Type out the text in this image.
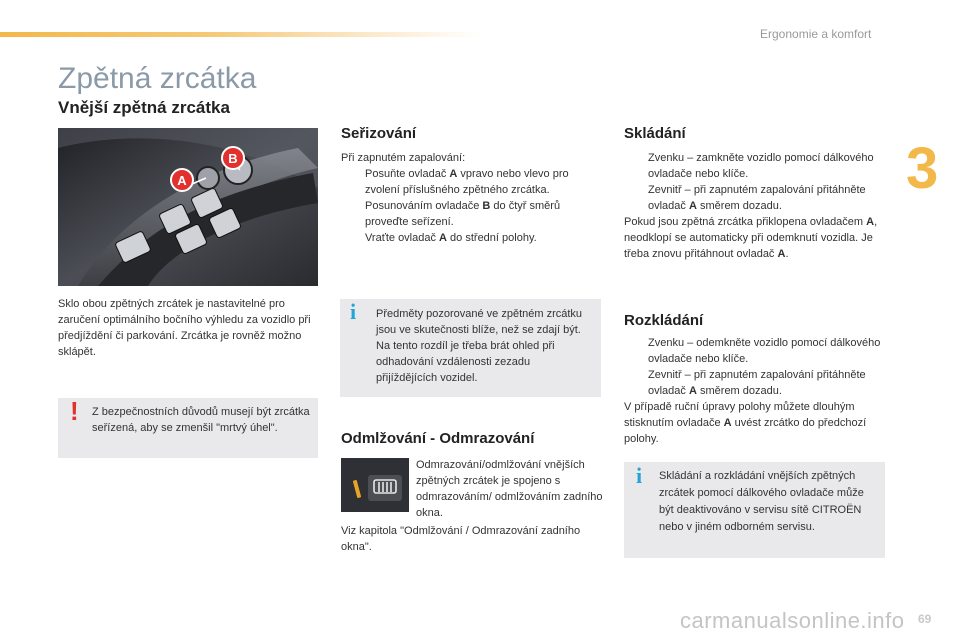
Ergonomie a komfort
3
Zpětná zrcátka
Vnější zpětná zrcátka
A
B

Sklo obou zpětných zrcátek je nastavitelné pro zaručení optimálního bočního výhledu za vozidlo při předjíždění či parkování. Zrcátka je rovněž možno sklápět.

! Z bezpečnostních důvodů musejí být zrcátka seřízená, aby se zmenšil "mrtvý úhel".
Seřizování

Při zapnutém zapalování:

Posuňte ovladač A vpravo nebo vlevo pro zvolení příslušného zpětného zrcátka.
Posunováním ovladače B do čtyř směrů proveďte seřízení.
Vraťte ovladač A do střední polohy.
i Předměty pozorované ve zpětném zrcátku jsou ve skutečnosti blíže, než se zdají být.
Na tento rozdíl je třeba brát ohled při odhadování vzdálenosti zezadu přijíždějících vozidel.
Odmlžování - Odmrazování
Odmrazování/odmlžování vnějších zpětných zrcátek je spojeno s odmrazováním/ odmlžováním zadního okna.
Viz kapitola "Odmlžování / Odmrazování zadního okna".
Skládání
Zvenku – zamkněte vozidlo pomocí dálkového ovladače nebo klíče.
Zevnitř – při zapnutém zapalování přitáhněte ovladač A směrem dozadu.

Pokud jsou zpětná zrcátka přiklopena ovladačem A, neodklopí se automaticky při odemknutí vozidla. Je třeba znovu přitáhnout ovladač A.

Rozkládání
Zvenku – odemkněte vozidlo pomocí dálkového ovladače nebo klíče.
Zevnitř – při zapnutém zapalování přitáhněte ovladač A směrem dozadu.

V případě ruční úpravy polohy můžete dlouhým stisknutím ovladače A uvést zrcátko do předchozí polohy.

i Skládání a rozkládání vnějších zpětných zrcátek pomocí dálkového ovladače může být deaktivováno v servisu sítě CITROËN nebo v jiném odborném servisu.
carmanualsonline.info 69
